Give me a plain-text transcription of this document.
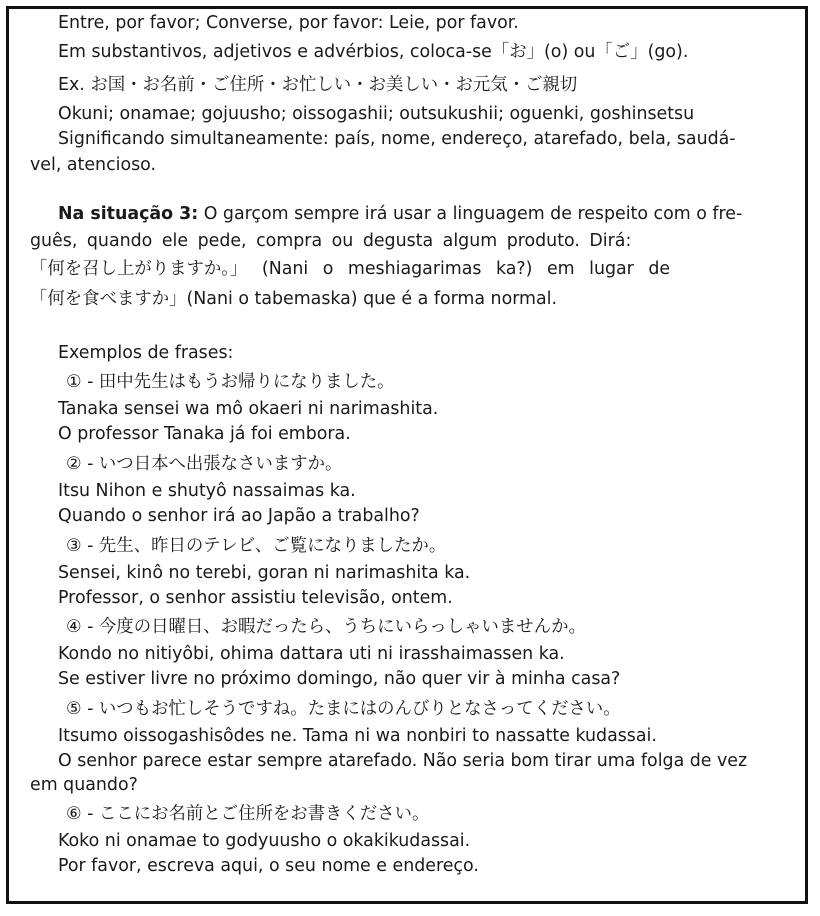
Entre, por favor; Converse, por favor: Leie, por favor.
Em substantivos, adjetivos e advérbios, coloca-se「お」(o) ou「ご」(go).
Ex. お国・お名前・ご住所・お忙しい・お美しい・お元気・ご親切
Okuni; onamae; gojuusho; oissogashii; outsukushii; oguenki, goshinsetsu
Significando simultaneamente: país, nome, endereço, atarefado, bela, saudá-
vel, atencioso.
Na situação 3: O garçom sempre irá usar a linguagem de respeito com o fre-
guês, quando ele pede, compra ou degusta algum produto. Dirá:
「何を召し上がりますか。」 (Nani o meshiagarimas ka?) em lugar de
「何を食べますか」(Nani o tabemaska) que é a forma normal.
Exemplos de frases:
① - 田中先生はもうお帰りになりました。
Tanaka sensei wa mô okaeri ni narimashita.
O professor Tanaka já foi embora.
② - いつ日本へ出張なさいますか。
Itsu Nihon e shutyô nassaimas ka.
Quando o senhor irá ao Japão a trabalho?
③ - 先生、昨日のテレビ、ご覧になりましたか。
Sensei, kinô no terebi, goran ni narimashita ka.
Professor, o senhor assistiu televisão, ontem.
④ - 今度の日曜日、お暇だったら、うちにいらっしゃいませんか。
Kondo no nitiyôbi, ohima dattara uti ni irasshaimassen ka.
Se estiver livre no próximo domingo, não quer vir à minha casa?
⑤ - いつもお忙しそうですね。たまにはのんびりとなさってください。
Itsumo oissogashisôdes ne. Tama ni wa nonbiri to nassatte kudassai.
O senhor parece estar sempre atarefado. Não seria bom tirar uma folga de vez
em quando?
⑥ - ここにお名前とご住所をお書きください。
Koko ni onamae to godyuusho o okakikudassai.
Por favor, escreva aqui, o seu nome e endereço.
